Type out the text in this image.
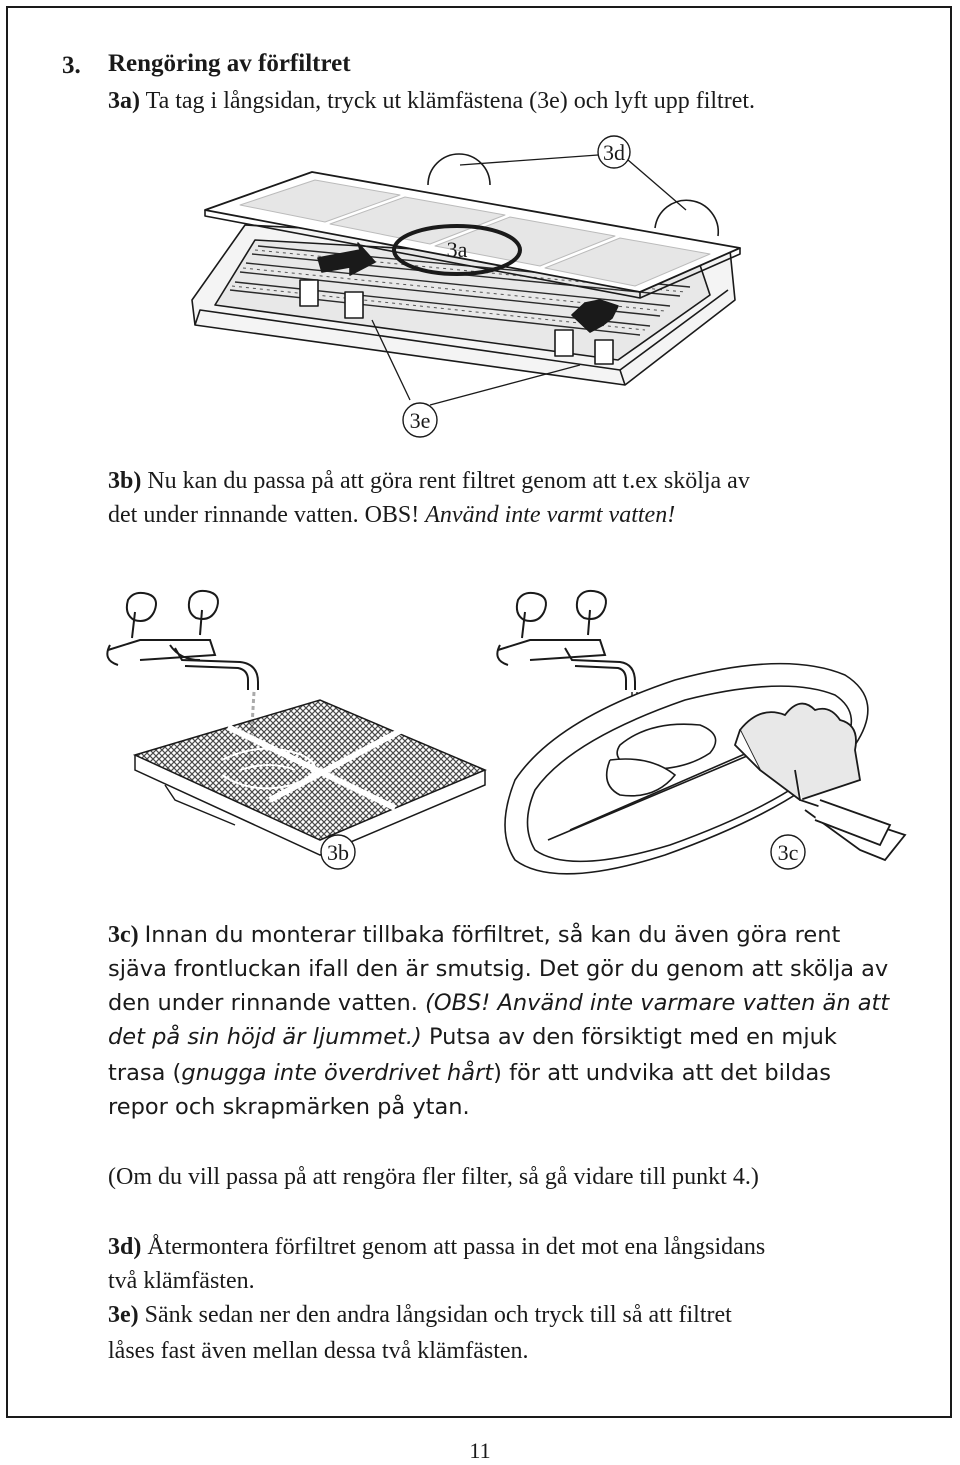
3. Rengöring av förfiltret
3a) Ta tag i långsidan, tryck ut klämfästena (3e) och lyft upp filtret.
3d
3a
3e
3b) Nu kan du passa på att göra rent filtret genom att t.ex skölja av
det under rinnande vatten. OBS! Använd inte varmt vatten!
3b	3c
3c) Innan du monterar tillbaka förfiltret, så kan du även göra rent
sjäva frontluckan ifall den är smutsig. Det gör du genom att skölja av
den under rinnande vatten. (OBS! Använd inte varmare vatten än att
det på sin höjd är ljummet.) Putsa av den försiktigt med en mjuk
trasa (gnugga inte överdrivet hårt) för att undvika att det bildas
repor och skrapmärken på ytan.
(Om du vill passa på att rengöra fler filter, så gå vidare till punkt 4.)
3d) Återmontera förfiltret genom att passa in det mot ena långsidans
två klämfästen.
3e) Sänk sedan ner den andra långsidan och tryck till så att filtret
låses fast även mellan dessa två klämfästen.
11
